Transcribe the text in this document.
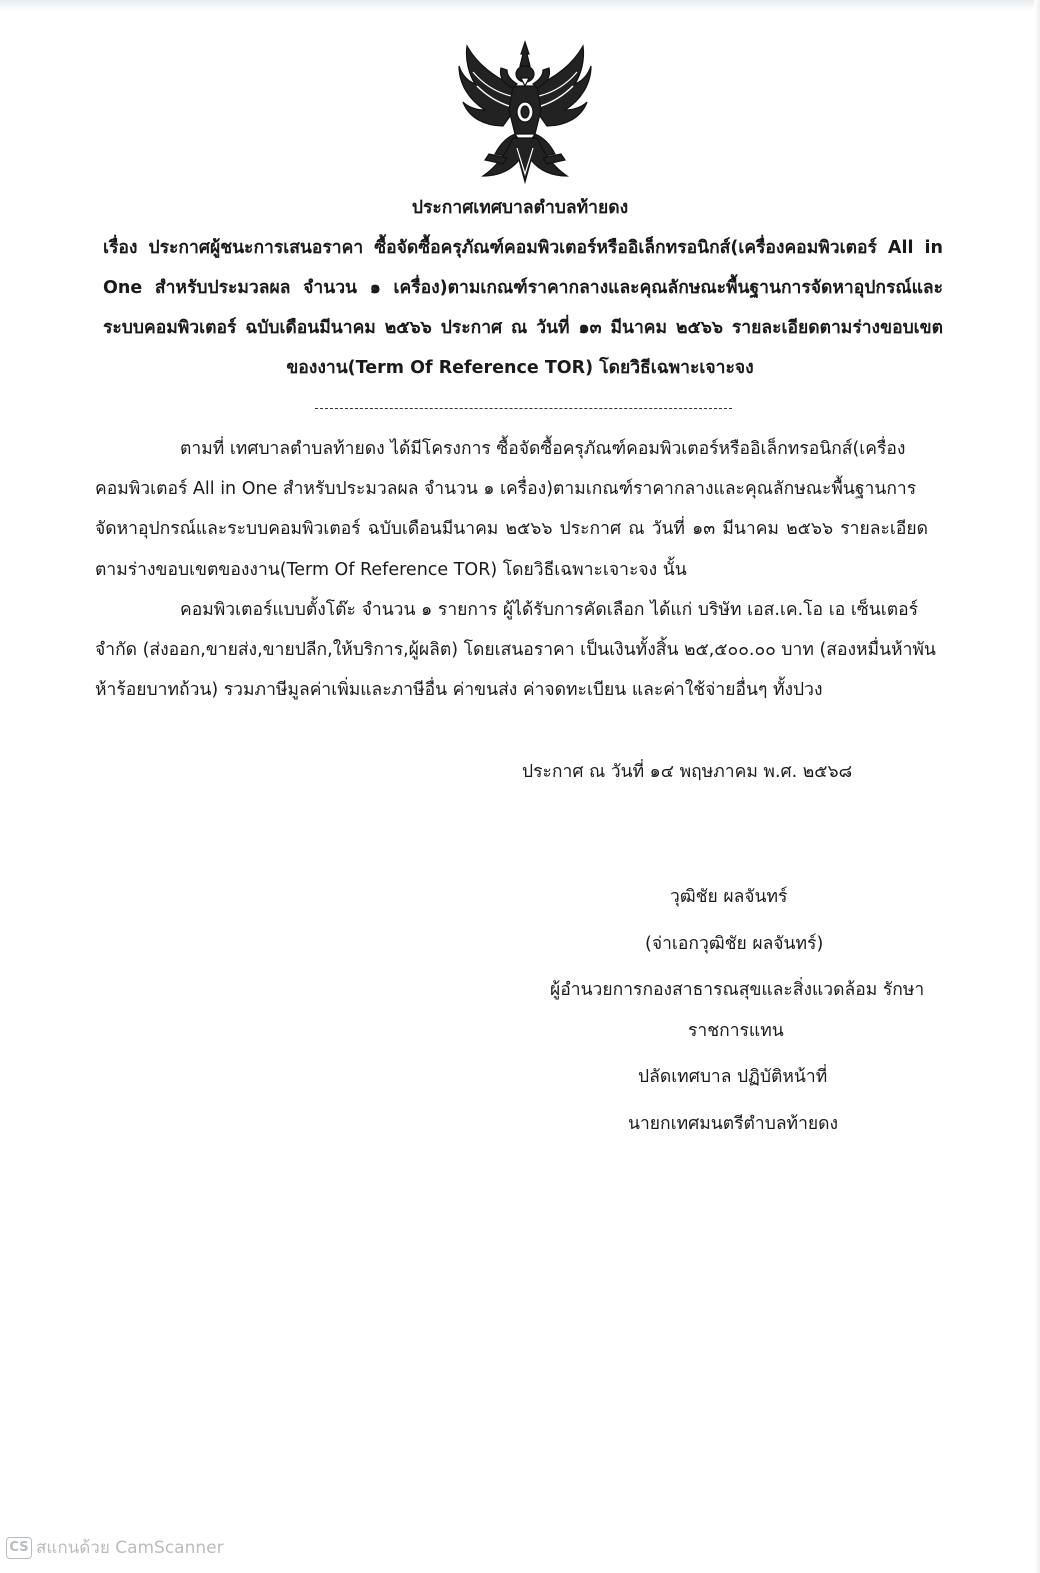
ประกาศเทศบาลตำบลท้ายดง
เรื่อง ประกาศผู้ชนะการเสนอราคา ซื้อจัดซื้อครุภัณฑ์คอมพิวเตอร์หรืออิเล็กทรอนิกส์(เครื่องคอมพิวเตอร์ All in
One สำหรับประมวลผล จำนวน ๑ เครื่อง)ตามเกณฑ์ราคากลางและคุณลักษณะพื้นฐานการจัดหาอุปกรณ์และ
ระบบคอมพิวเตอร์ ฉบับเดือนมีนาคม ๒๕๖๖ ประกาศ ณ วันที่ ๑๓ มีนาคม ๒๕๖๖ รายละเอียดตามร่างขอบเขต
ของงาน(Term Of Reference TOR) โดยวิธีเฉพาะเจาะจง
ตามที่ เทศบาลตำบลท้ายดง ได้มีโครงการ ซื้อจัดซื้อครุภัณฑ์คอมพิวเตอร์หรืออิเล็กทรอนิกส์(เครื่อง
คอมพิวเตอร์ All in One สำหรับประมวลผล จำนวน ๑ เครื่อง)ตามเกณฑ์ราคากลางและคุณลักษณะพื้นฐานการ
จัดหาอุปกรณ์และระบบคอมพิวเตอร์ ฉบับเดือนมีนาคม ๒๕๖๖ ประกาศ ณ วันที่ ๑๓ มีนาคม ๒๕๖๖ รายละเอียด
ตามร่างขอบเขตของงาน(Term Of Reference TOR) โดยวิธีเฉพาะเจาะจง นั้น
คอมพิวเตอร์แบบตั้งโต๊ะ จำนวน ๑ รายการ ผู้ได้รับการคัดเลือก ได้แก่ บริษัท เอส.เค.โอ เอ เซ็นเตอร์
จำกัด (ส่งออก,ขายส่ง,ขายปลีก,ให้บริการ,ผู้ผลิต) โดยเสนอราคา เป็นเงินทั้งสิ้น ๒๕,๕๐๐.๐๐ บาท (สองหมื่นห้าพัน
ห้าร้อยบาทถ้วน) รวมภาษีมูลค่าเพิ่มและภาษีอื่น ค่าขนส่ง ค่าจดทะเบียน และค่าใช้จ่ายอื่นๆ ทั้งปวง
ประกาศ ณ วันที่ ๑๔ พฤษภาคม พ.ศ. ๒๕๖๘
วุฒิชัย ผลจันทร์
(จ่าเอกวุฒิชัย ผลจันทร์)
ผู้อำนวยการกองสาธารณสุขและสิ่งแวดล้อม รักษา
ราชการแทน
ปลัดเทศบาล ปฏิบัติหน้าที่
นายกเทศมนตรีตำบลท้ายดง
CS สแกนด้วย CamScanner
